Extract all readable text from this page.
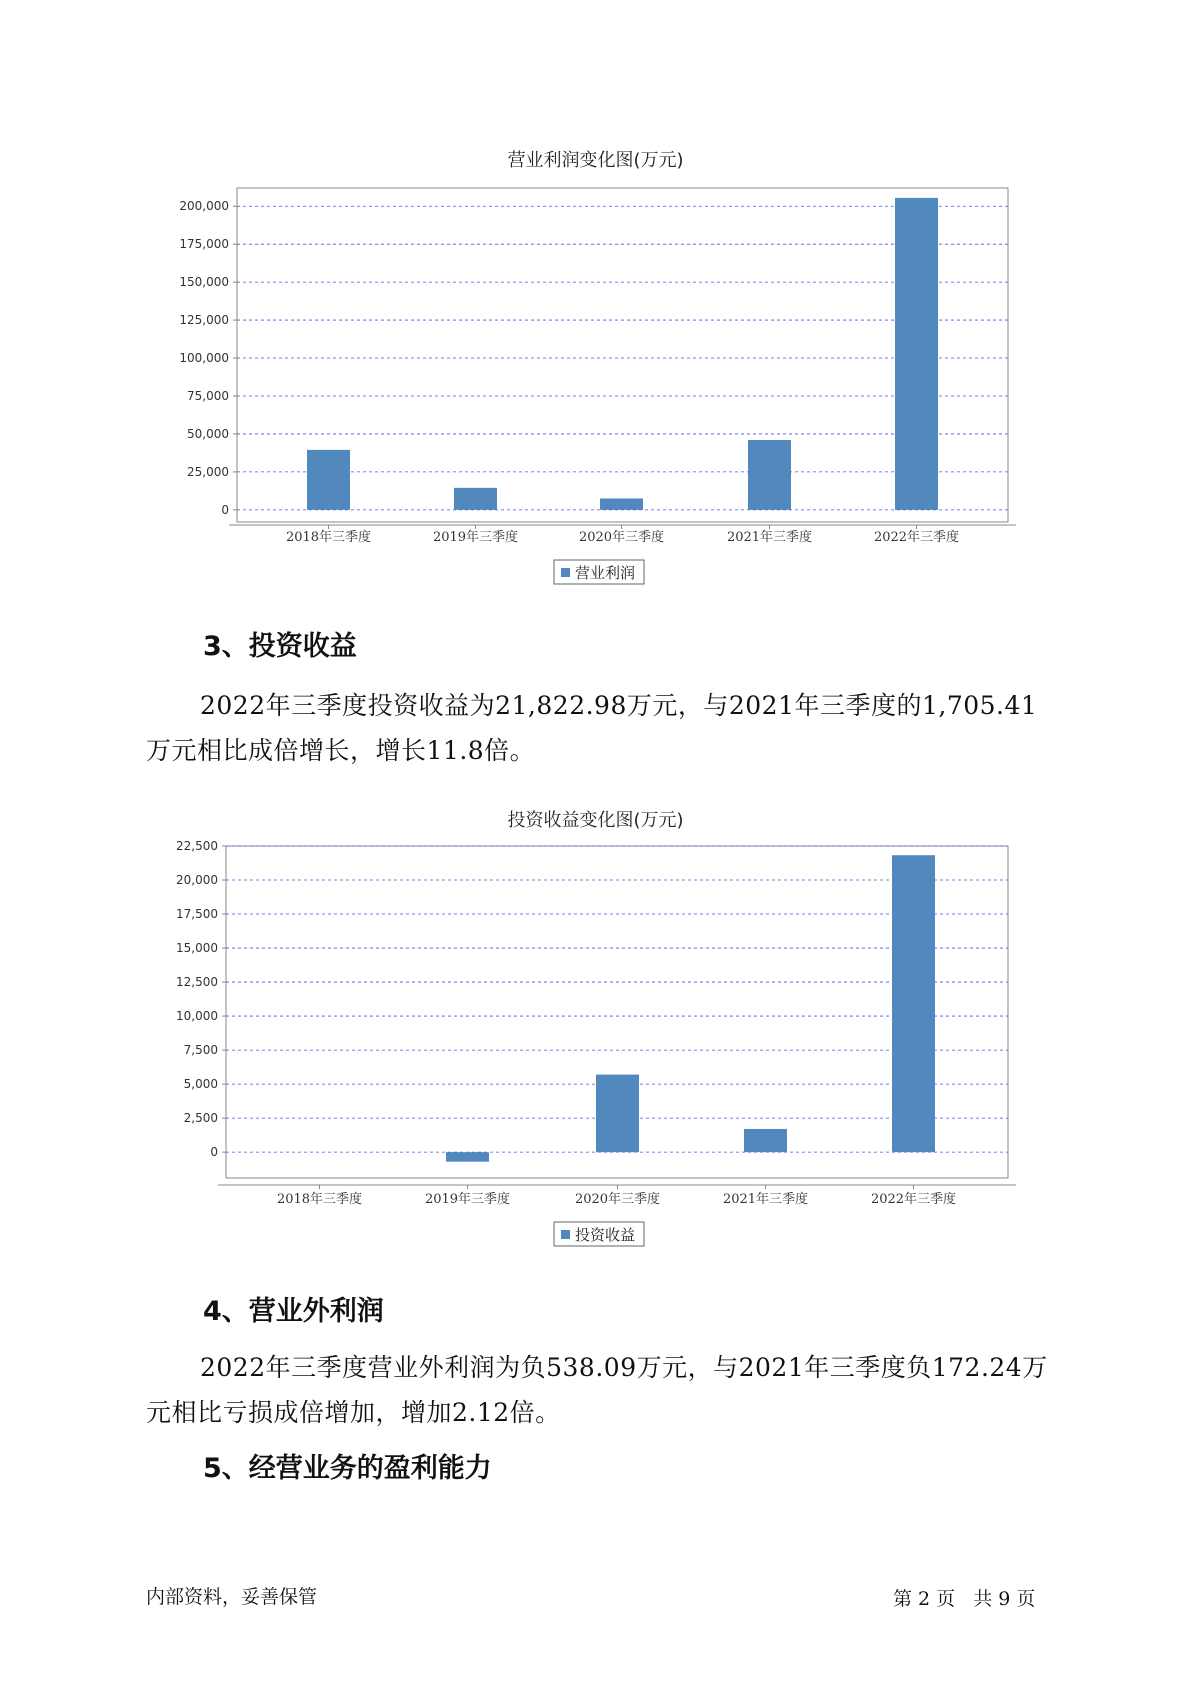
营业利润变化图(万元)
0
25,000
50,000
75,000
100,000
125,000
150,000
175,000
200,000
2018年三季度	2019年三季度	2020年三季度	2021年三季度	2022年三季度
营业利润
3、投资收益

2022年三季度投资收益为21,822.98万元，与2021年三季度的1,705.41万元相比成倍增长，增长11.8倍。

投资收益变化图(万元)
0
2,500
5,000
7,500
10,000
12,500
15,000
17,500
20,000
22,500
2018年三季度	2019年三季度	2020年三季度	2021年三季度	2022年三季度
投资收益
4、营业外利润

2022年三季度营业外利润为负538.09万元，与2021年三季度负172.24万元相比亏损成倍增加，增加2.12倍。

5、经营业务的盈利能力
内部资料，妥善保管	第 2 页 共 9 页
